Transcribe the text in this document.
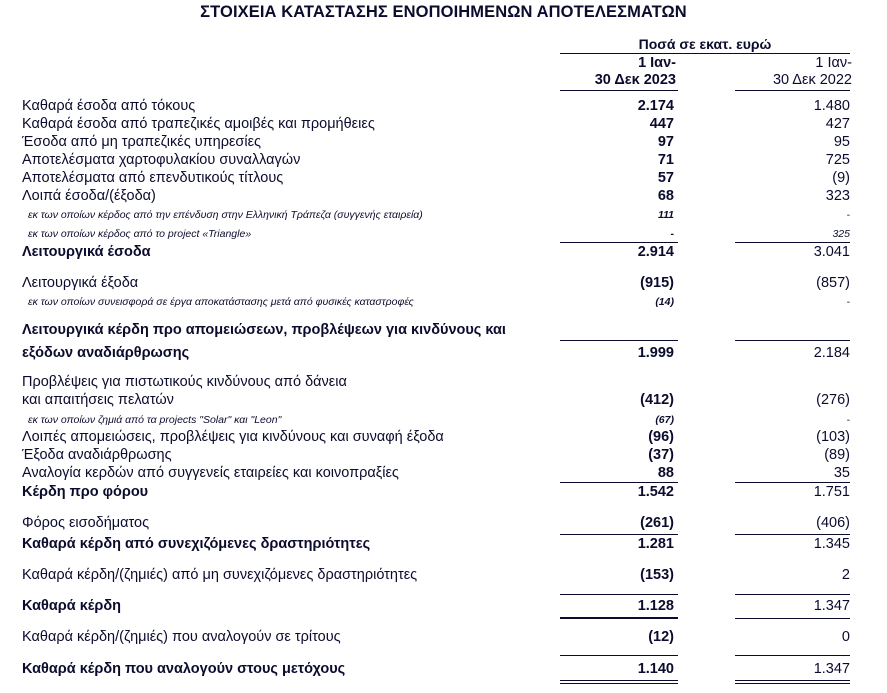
ΣΤΟΙΧΕΙΑ ΚΑΤΑΣΤΑΣΗΣ ΕΝΟΠΟΙΗΜΕΝΩΝ ΑΠΟΤΕΛΕΣΜΑΤΩΝ
Ποσά σε εκατ. ευρώ
1 Ιαν-
30 Δεκ 2023
1 Ιαν-
30 Δεκ 2022
Καθαρά έσοδα από τόκους	2.174	1.480
Καθαρά έσοδα από τραπεζικές αμοιβές και προμήθειες	447	427
Έσοδα από μη τραπεζικές υπηρεσίες	97	95
Αποτελέσματα χαρτοφυλακίου συναλλαγών	71	725
Αποτελέσματα από επενδυτικούς τίτλους	57	(9)
Λοιπά έσοδα/(έξοδα)	68	323
εκ των οποίων κέρδος από την επένδυση στην Ελληνική Τράπεζα (συγγενής εταιρεία)	111	-
εκ των οποίων κέρδος από το project «Triangle»	-	325
Λειτουργικά έσοδα	2.914	3.041
Λειτουργικά έξοδα	(915)	(857)
εκ των οποίων συνεισφορά σε έργα αποκατάστασης μετά από φυσικές καταστροφές	(14)	-
Λειτουργικά κέρδη προ απομειώσεων, προβλέψεων για κινδύνους και
εξόδων αναδιάρθρωσης	1.999	2.184
Προβλέψεις για πιστωτικούς κινδύνους από δάνεια
και απαιτήσεις πελατών	(412)	(276)
εκ των οποίων ζημιά από τα projects "Solar" και "Leon"	(67)	-
Λοιπές απομειώσεις, προβλέψεις για κινδύνους και συναφή έξοδα	(96)	(103)
Έξοδα αναδιάρθρωσης	(37)	(89)
Αναλογία κερδών από συγγενείς εταιρείες και κοινοπραξίες	88	35
Κέρδη προ φόρου	1.542	1.751
Φόρος εισοδήματος	(261)	(406)
Καθαρά κέρδη από συνεχιζόμενες δραστηριότητες	1.281	1.345
Καθαρά κέρδη/(ζημιές) από μη συνεχιζόμενες δραστηριότητες	(153)	2
Καθαρά κέρδη	1.128	1.347
Καθαρά κέρδη/(ζημιές) που αναλογούν σε τρίτους	(12)	0
Καθαρά κέρδη που αναλογούν στους μετόχους	1.140	1.347
